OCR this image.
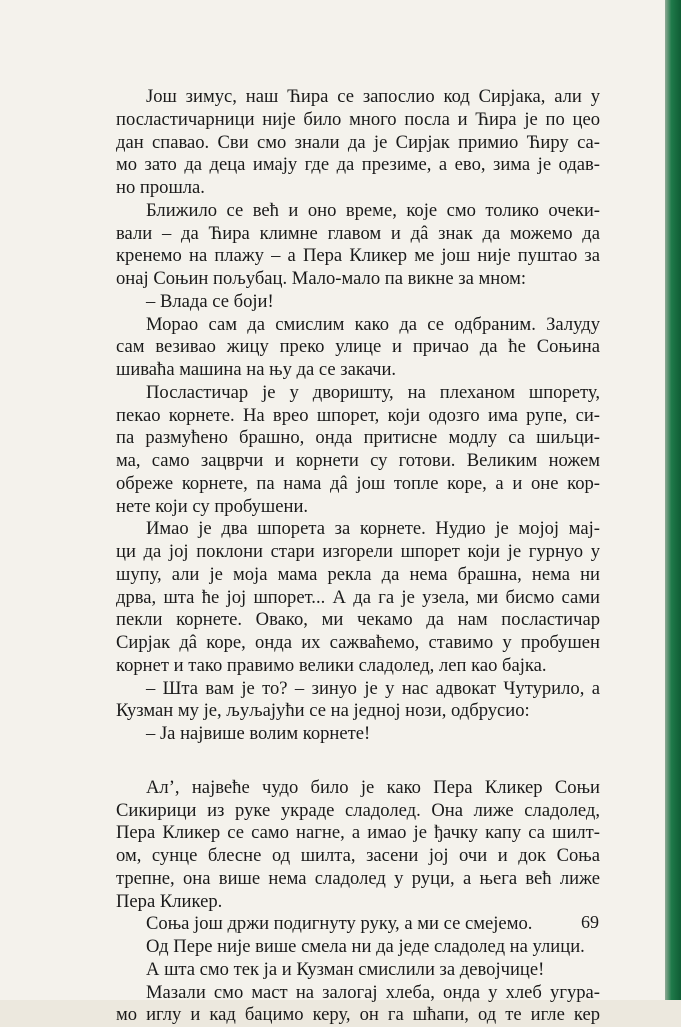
Још зимус, наш Ћира се запослио код Сирјака, али у
посластичарници није било много посла и Ћира је по цео
дан спавао. Сви смо знали да је Сирјак примио Ћиру са-
мо зато да деца имају где да презиме, а ево, зима је одав-
но прошла.
Ближило се већ и оно време, које смо толико очеки-
вали – да Ћира климне главом и дâ знак да можемо да
кренемо на плажу – а Пера Кликер ме још није пуштао за
онај Соњин пољубац. Мало-мало па викне за мном:
– Влада се боји!
Морао сам да смислим како да се одбраним. Залуду
сам везивао жицу преко улице и причао да ће Соњина
шиваћа машина на њу да се закачи.
Посластичар је у дворишту, на плеханом шпорету,
пекао корнете. На врео шпорет, који одозго има рупе, си-
па размућено брашно, онда притисне модлу са шиљци-
ма, само зацврчи и корнети су готови. Великим ножем
обреже корнете, па нама дâ још топле коре, а и оне кор-
нете који су пробушени.
Имао је два шпорета за корнете. Нудио је мојој мај-
ци да јој поклони стари изгорели шпорет који је гурнуо у
шупу, али је моја мама рекла да нема брашна, нема ни
дрва, шта ће јој шпорет... А да га је узела, ми бисмо сами
пекли корнете. Овако, ми чекамо да нам посластичар
Сирјак дâ коре, онда их сажваћемо, ставимо у пробушен
корнет и тако правимо велики сладолед, леп као бајка.
– Шта вам је то? – зинуо је у нас адвокат Чутурило, а
Кузман му је, љуљајући се на једној нози, одбрусио:
– Ја највише волим корнете!
Ал’, највеће чудо било је како Пера Кликер Соњи
Сикирици из руке украде сладолед. Она лиже сладолед,
Пера Кликер се само нагне, а имао је ђачку капу са шилт-
ом, сунце блесне од шилта, засени јој очи и док Соња
трепне, она више нема сладолед у руци, а њега већ лиже
Пера Кликер.
Соња још држи подигнуту руку, а ми се смејемо.
Од Пере није више смела ни да једе сладолед на улици.
А шта смо тек ја и Кузман смислили за девојчице!
Мазали смо маст на залогај хлеба, онда у хлеб угура-
мо иглу и кад бацимо керу, он га шћапи, од те игле кер
69
